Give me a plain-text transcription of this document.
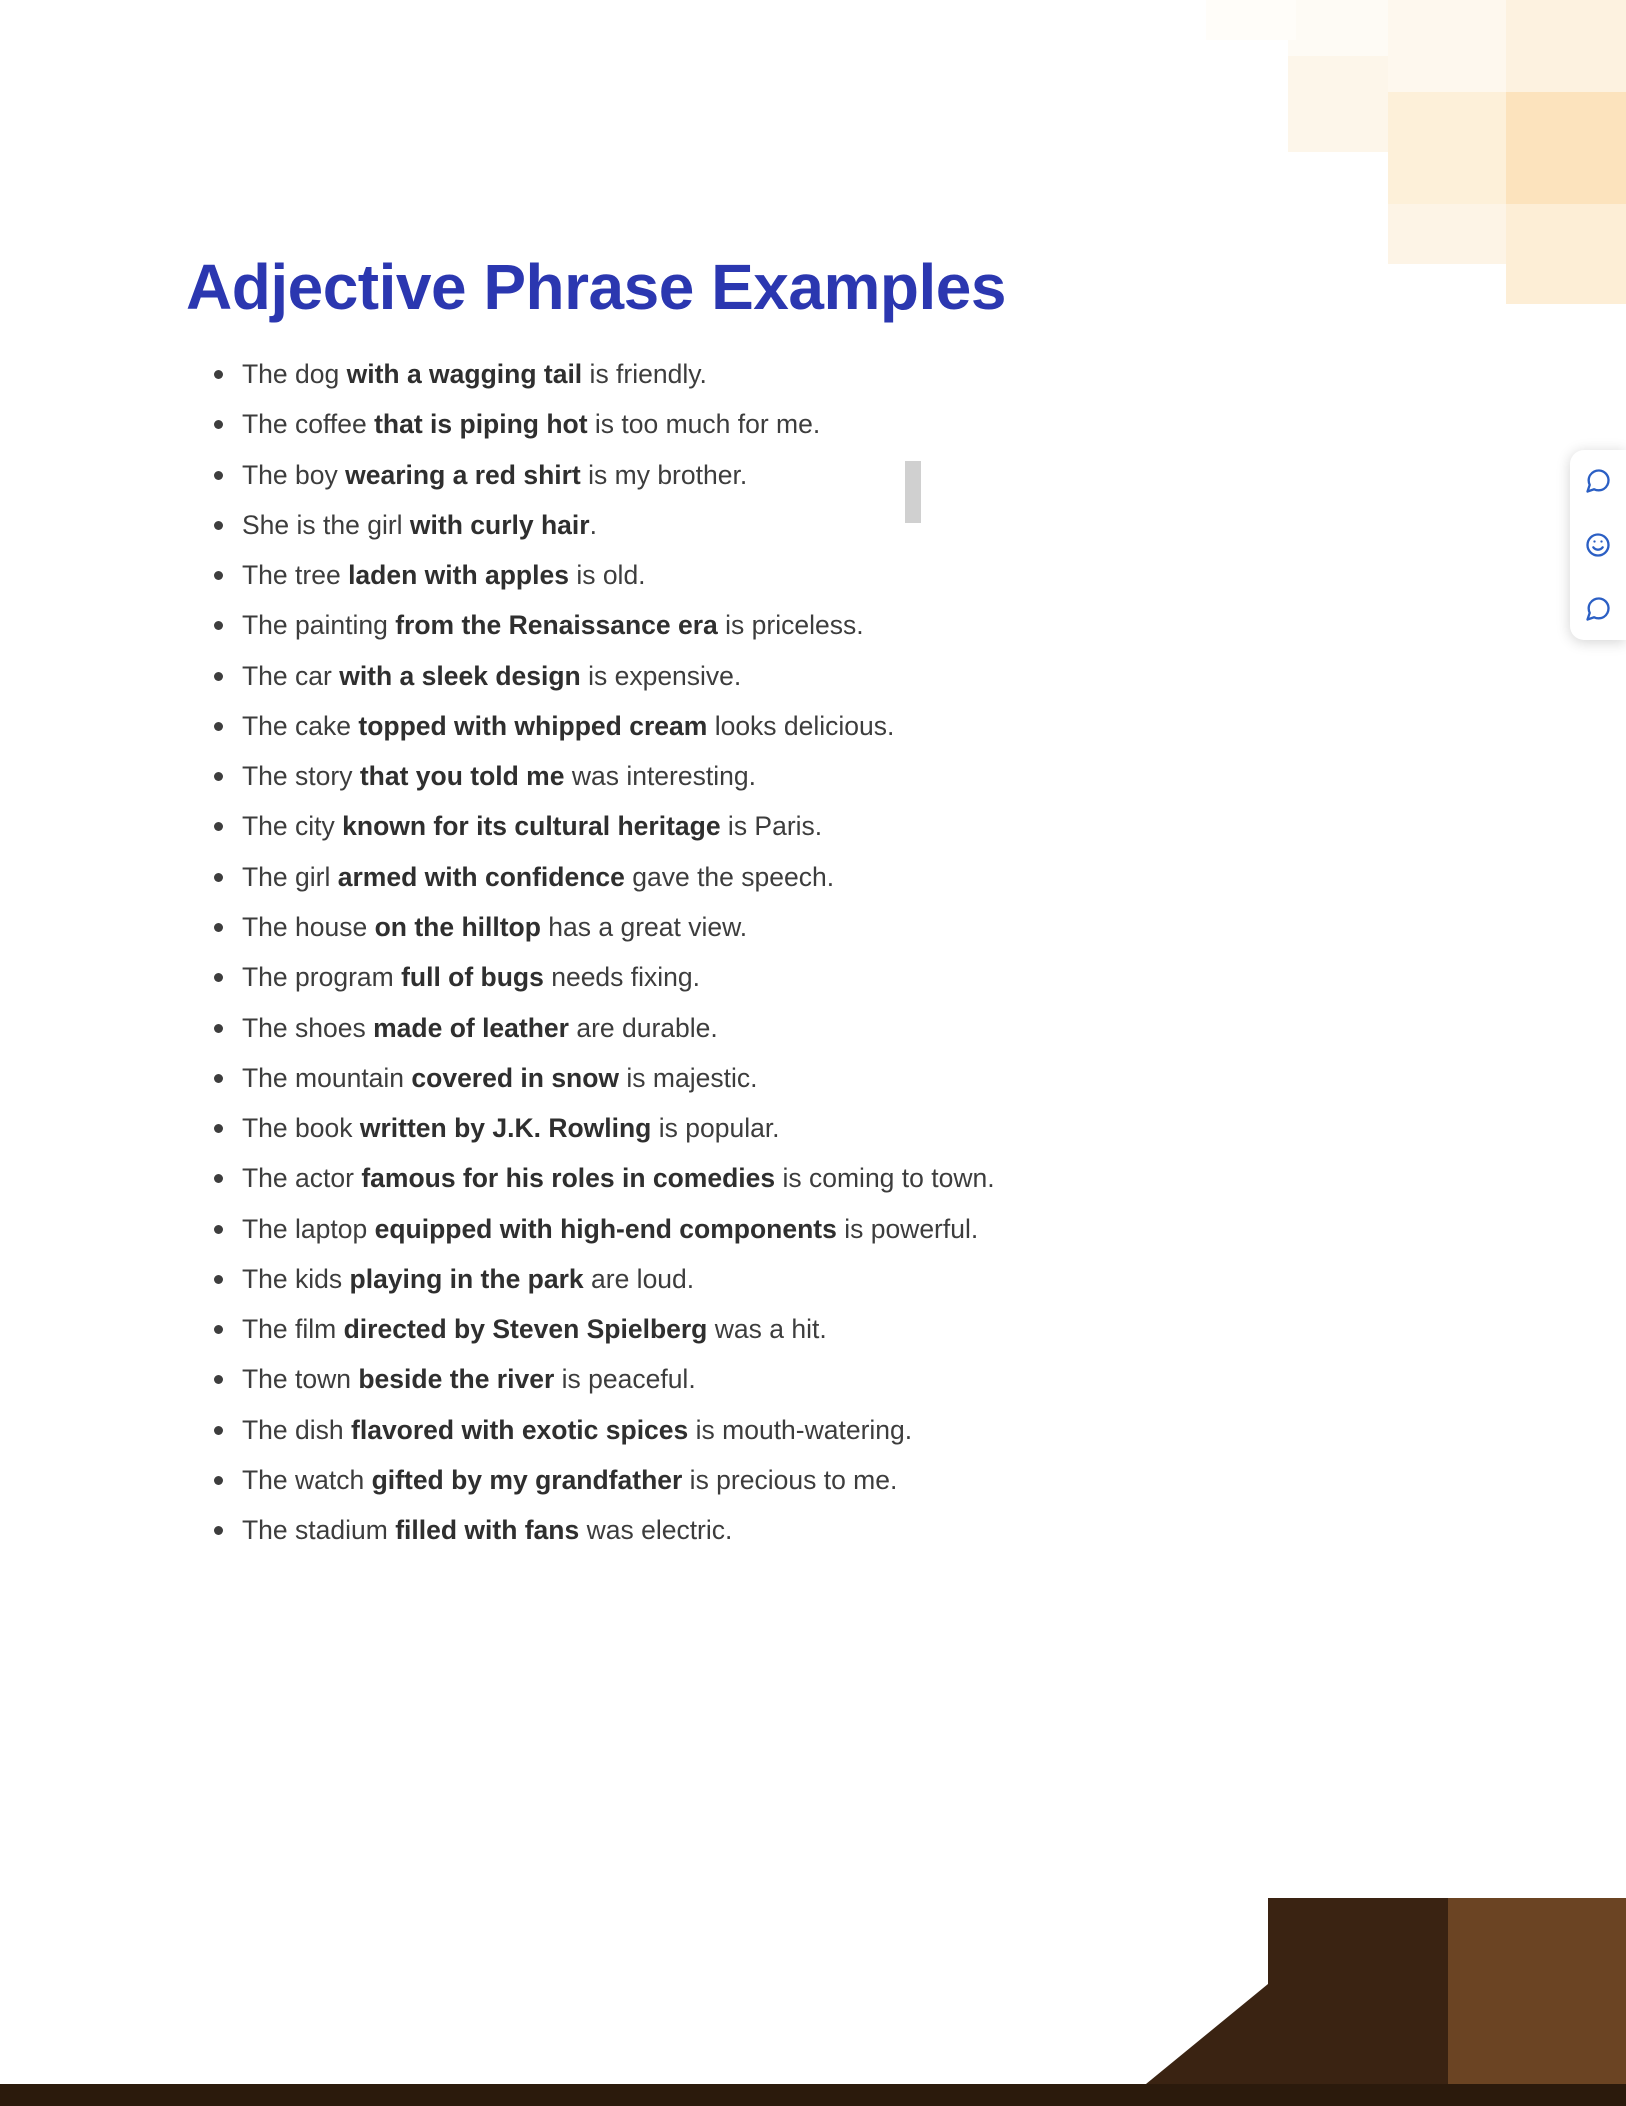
Adjective Phrase Examples
The dog with a wagging tail is friendly.
The coffee that is piping hot is too much for me.
The boy wearing a red shirt is my brother.
She is the girl with curly hair.
The tree laden with apples is old.
The painting from the Renaissance era is priceless.
The car with a sleek design is expensive.
The cake topped with whipped cream looks delicious.
The story that you told me was interesting.
The city known for its cultural heritage is Paris.
The girl armed with confidence gave the speech.
The house on the hilltop has a great view.
The program full of bugs needs fixing.
The shoes made of leather are durable.
The mountain covered in snow is majestic.
The book written by J.K. Rowling is popular.
The actor famous for his roles in comedies is coming to town.
The laptop equipped with high-end components is powerful.
The kids playing in the park are loud.
The film directed by Steven Spielberg was a hit.
The town beside the river is peaceful.
The dish flavored with exotic spices is mouth-watering.
The watch gifted by my grandfather is precious to me.
The stadium filled with fans was electric.
